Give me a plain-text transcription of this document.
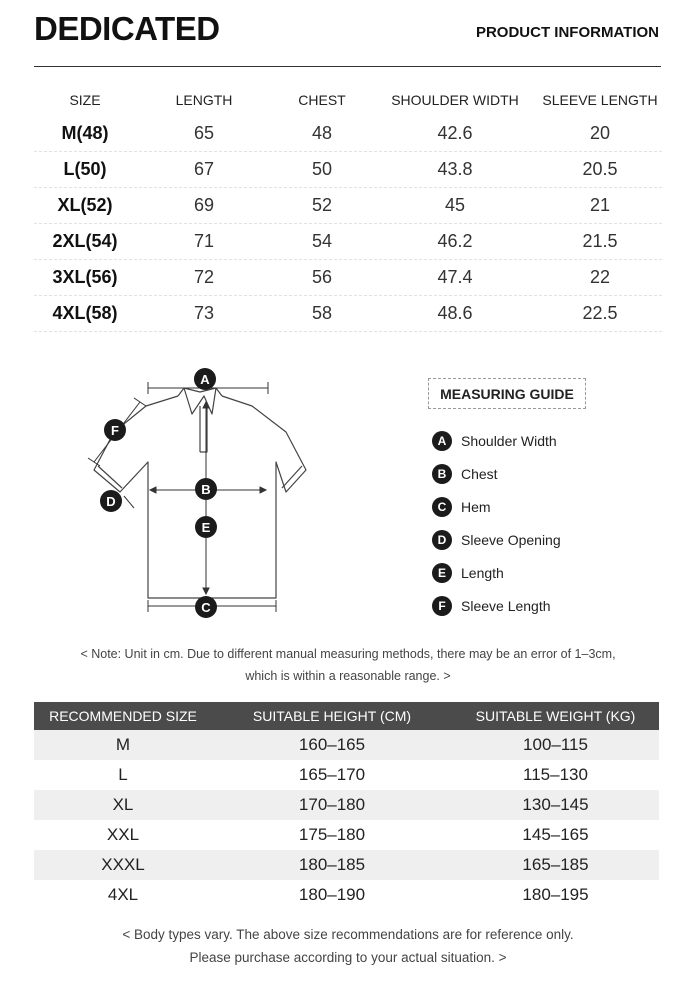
DEDICATED	PRODUCT INFORMATION
SIZE	LENGTH	CHEST	SHOULDER WIDTH	SLEEVE LENGTH
M(48)	65	48	42.6	20
L(50)	67	50	43.8	20.5
XL(52)	69	52	45	21
2XL(54)	71	54	46.2	21.5
3XL(56)	72	56	47.4	22
4XL(58)	73	58	48.6	22.5
A
F
B
D
E
C
MEASURING GUIDE
A	Shoulder Width
B	Chest
C	Hem
D	Sleeve Opening
E	Length
F	Sleeve Length
< Note: Unit in cm. Due to different manual measuring methods, there may be an error of 1–3cm,
which is within a reasonable range. >
RECOMMENDED SIZE	SUITABLE HEIGHT (CM)	SUITABLE WEIGHT (KG)
M	160–165	100–115
L	165–170	115–130
XL	170–180	130–145
XXL	175–180	145–165
XXXL	180–185	165–185
4XL	180–190	180–195
< Body types vary. The above size recommendations are for reference only.
Please purchase according to your actual situation. >
